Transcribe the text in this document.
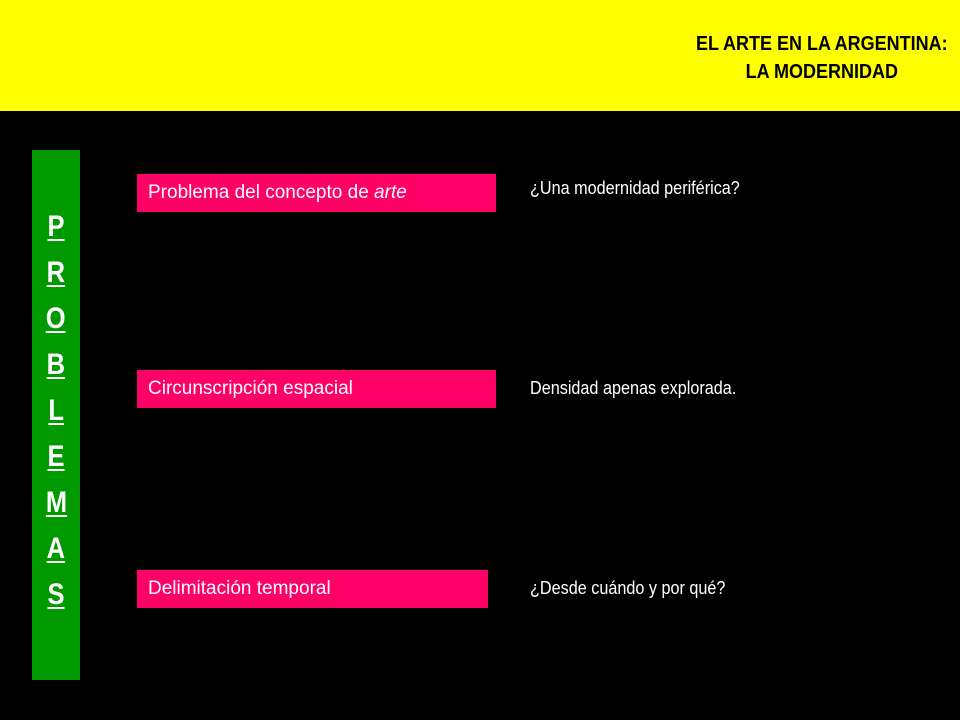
EL ARTE EN LA ARGENTINA:
LA MODERNIDAD
P
R
O
B
L
E
M
A
S
Problema del concepto de arte	¿Una modernidad periférica?
Circunscripción espacial	Densidad apenas explorada.
Delimitación temporal	¿Desde cuándo y por qué?
